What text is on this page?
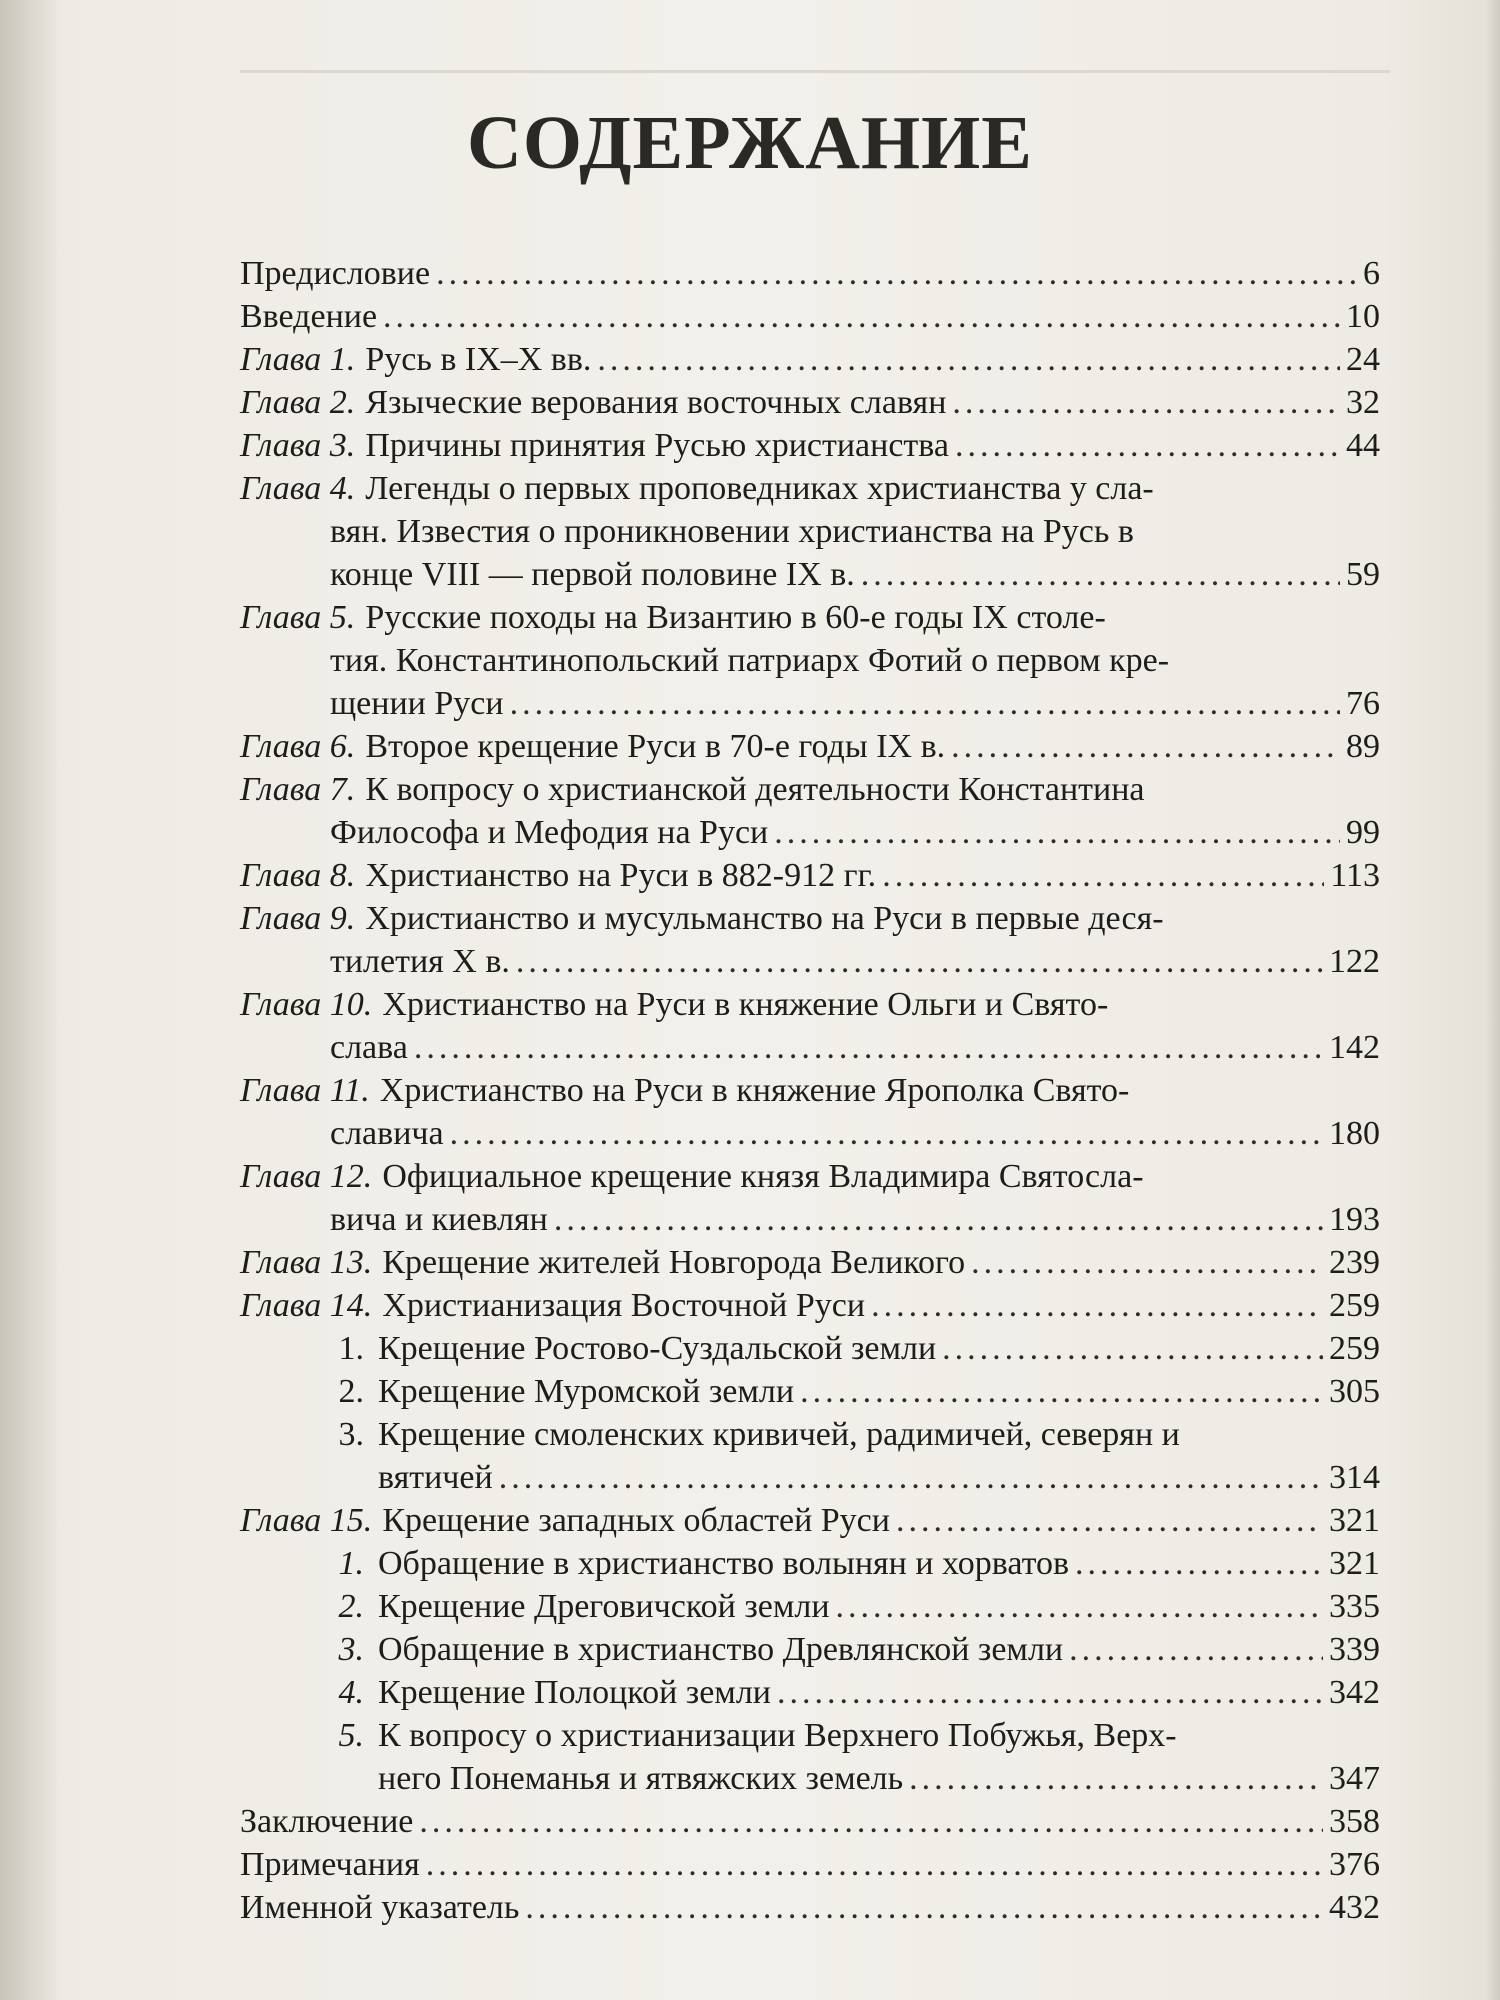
СОДЕРЖАНИЕ
Предисловие .....	6
Введение .....	10
Глава 1. Русь в IX–X вв. .....	24
Глава 2. Языческие верования восточных славян .....	32
Глава 3. Причины принятия Русью христианства .....	44
Глава 4. Легенды о первых проповедниках христианства у сла-
вян. Известия о проникновении христианства на Русь в
конце VIII — первой половине IX в. .....	59
Глава 5. Русские походы на Византию в 60-е годы IX столе-
тия. Константинопольский патриарх Фотий о первом кре-
щении Руси .....	76
Глава 6. Второе крещение Руси в 70-е годы IX в. .....	89
Глава 7. К вопросу о христианской деятельности Константина
Философа и Мефодия на Руси .....	99
Глава 8. Христианство на Руси в 882-912 гг. .....	113
Глава 9. Христианство и мусульманство на Руси в первые деся-
тилетия X в. .....	122
Глава 10. Христианство на Руси в княжение Ольги и Свято-
слава .....	142
Глава 11. Христианство на Руси в княжение Ярополка Свято-
славича .....	180
Глава 12. Официальное крещение князя Владимира Святосла-
вича и киевлян .....	193
Глава 13. Крещение жителей Новгорода Великого .....	239
Глава 14. Христианизация Восточной Руси .....	259
1. Крещение Ростово-Суздальской земли .....	259
2. Крещение Муромской земли .....	305
3. Крещение смоленских кривичей, радимичей, северян и
вятичей .....	314
Глава 15. Крещение западных областей Руси .....	321
1. Обращение в христианство волынян и хорватов .....	321
2. Крещение Дреговичской земли .....	335
3. Обращение в христианство Древлянской земли .....	339
4. Крещение Полоцкой земли .....	342
5. К вопросу о христианизации Верхнего Побужья, Верх-
него Понеманья и ятвяжских земель .....	347
Заключение .....	358
Примечания .....	376
Именной указатель .....	432
